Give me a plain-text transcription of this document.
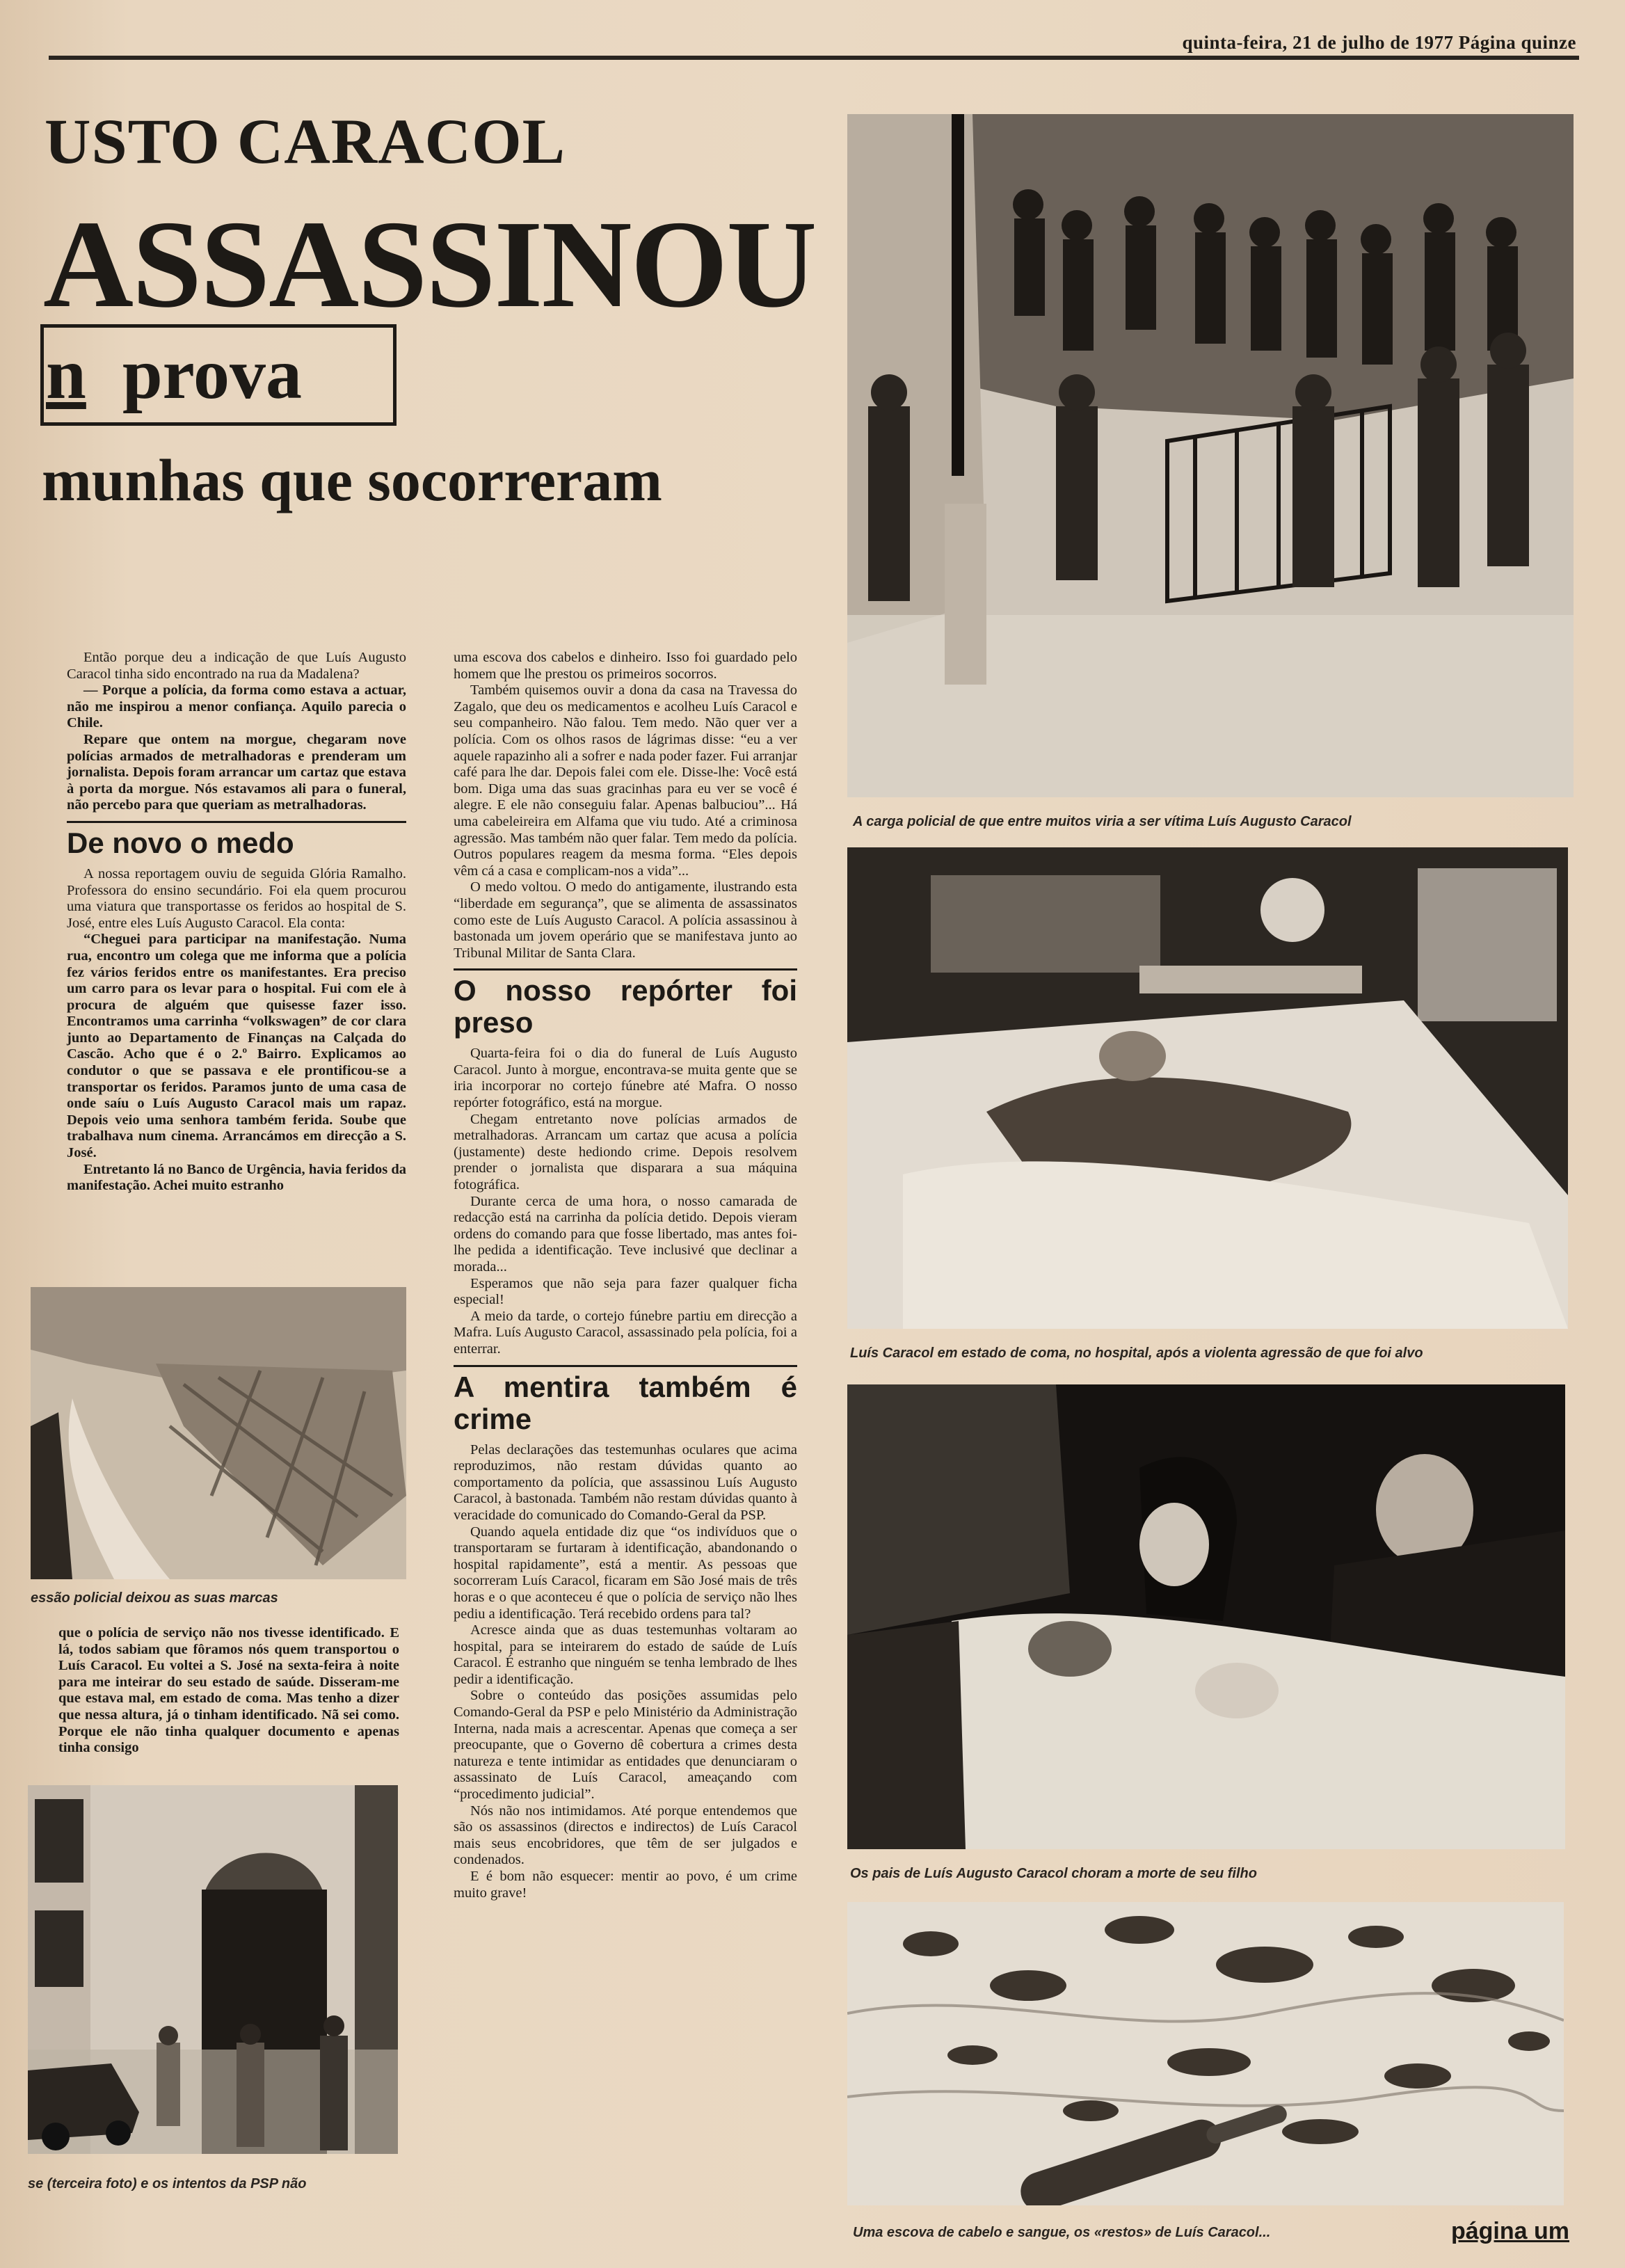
quinta-feira, 21 de julho de 1977 Página quinze
USTO CARACOL
ASSASSINOU
n prova
munhas que socorreram

Então porque deu a indicação de que Luís Augusto Caracol tinha sido encontrado na rua da Madalena?

— Porque a polícia, da forma como estava a actuar, não me inspirou a menor confiança. Aquilo parecia o Chile.

Repare que ontem na morgue, chegaram nove polícias armados de metralhadoras e prenderam um jornalista. Depois foram arrancar um cartaz que estava à porta da morgue. Nós estavamos ali para o funeral, não percebo para que queriam as metralhadoras.

De novo o medo

A nossa reportagem ouviu de seguida Glória Ramalho. Professora do ensino secundário. Foi ela quem procurou uma viatura que transportasse os feridos ao hospital de S. José, entre eles Luís Augusto Caracol. Ela conta:

“Cheguei para participar na manifestação. Numa rua, encontro um colega que me informa que a polícia fez vários feridos entre os manifestantes. Era preciso um carro para os levar para o hospital. Fui com ele à procura de alguém que quisesse fazer isso. Encontramos uma carrinha “volkswagen” de cor clara junto ao Departamento de Finanças na Calçada do Cascão. Acho que é o 2.º Bairro. Explicamos ao condutor o que se passava e ele prontificou-se a transportar os feridos. Paramos junto de uma casa de onde saíu o Luís Augusto Caracol mais um rapaz. Depois veio uma senhora também ferida. Soube que trabalhava num cinema. Arrancámos em direcção a S. José.

Entretanto lá no Banco de Urgência, havia feridos da manifestação. Achei muito estranho

essão policial deixou as suas marcas

que o polícia de serviço não nos tivesse identificado. E lá, todos sabiam que fôramos nós quem transportou o Luís Caracol. Eu voltei a S. José na sexta-feira à noite para me inteirar do seu estado de saúde. Disseram-me que estava mal, em estado de coma. Mas tenho a dizer que nessa altura, já o tinham identificado. Nã sei como. Porque ele não tinha qualquer documento e apenas tinha consigo

se (terceira foto) e os intentos da PSP não

uma escova dos cabelos e dinheiro. Isso foi guardado pelo homem que lhe prestou os primeiros socorros.

Também quisemos ouvir a dona da casa na Travessa do Zagalo, que deu os medicamentos e acolheu Luís Caracol e seu companheiro. Não falou. Tem medo. Não quer ver a polícia. Com os olhos rasos de lágrimas disse: “eu a ver aquele rapazinho ali a sofrer e nada poder fazer. Fui arranjar café para lhe dar. Depois falei com ele. Disse-lhe: Você está bom. Diga uma das suas gracinhas para eu ver se você é alegre. E ele não conseguiu falar. Apenas balbuciou”... Há uma cabeleireira em Alfama que viu tudo. Até a criminosa agressão. Mas também não quer falar. Tem medo da polícia. Outros populares reagem da mesma forma. “Eles depois vêm cá a casa e complicam-nos a vida”...

O medo voltou. O medo do antigamente, ilustrando esta “liberdade em segurança”, que se alimenta de assassinatos como este de Luís Augusto Caracol. A polícia assassinou à bastonada um jovem operário que se manifestava junto ao Tribunal Militar de Santa Clara.

O nosso repórter foi preso

Quarta-feira foi o dia do funeral de Luís Augusto Caracol. Junto à morgue, encontrava-se muita gente que se iria incorporar no cortejo fúnebre até Mafra. O nosso repórter fotográfico, está na morgue.

Chegam entretanto nove polícias armados de metralhadoras. Arrancam um cartaz que acusa a polícia (justamente) deste hediondo crime. Depois resolvem prender o jornalista que disparara a sua máquina fotográfica.

Durante cerca de uma hora, o nosso camarada de redacção está na carrinha da polícia detido. Depois vieram ordens do comando para que fosse libertado, mas antes foi-lhe pedida a identificação. Teve inclusivé que declinar a morada...

Esperamos que não seja para fazer qualquer ficha especial!

A meio da tarde, o cortejo fúnebre partiu em direcção a Mafra. Luís Augusto Caracol, assassinado pela polícia, foi a enterrar.

A mentira também é crime

Pelas declarações das testemunhas oculares que acima reproduzimos, não restam dúvidas quanto ao comportamento da polícia, que assassinou Luís Augusto Caracol, à bastonada. Também não restam dúvidas quanto à veracidade do comunicado do Comando-Geral da PSP.

Quando aquela entidade diz que “os indivíduos que o transportaram se furtaram à identificação, abandonando o hospital rapidamente”, está a mentir. As pessoas que socorreram Luís Caracol, ficaram em São José mais de três horas e o que aconteceu é que o polícia de serviço não lhes pediu a identificação. Terá recebido ordens para tal?

Acresce ainda que as duas testemunhas voltaram ao hospital, para se inteirarem do estado de saúde de Luís Caracol. É estranho que ninguém se tenha lembrado de lhes pedir a identificação.

Sobre o conteúdo das posições assumidas pelo Comando-Geral da PSP e pelo Ministério da Administração Interna, nada mais a acrescentar. Apenas que começa a ser preocupante, que o Governo dê cobertura a crimes desta natureza e tente intimidar as entidades que denunciaram o assassinato de Luís Caracol, ameaçando com “procedimento judicial”.

Nós não nos intimidamos. Até porque entendemos que são os assassinos (directos e indirectos) de Luís Caracol mais seus encobridores, que têm de ser julgados e condenados.

E é bom não esquecer: mentir ao povo, é um crime muito grave!

A carga policial de que entre muitos viria a ser vítima Luís Augusto Caracol
Luís Caracol em estado de coma, no hospital, após a violenta agressão de que foi alvo
Os pais de Luís Augusto Caracol choram a morte de seu filho
Uma escova de cabelo e sangue, os «restos» de Luís Caracol...	página um
